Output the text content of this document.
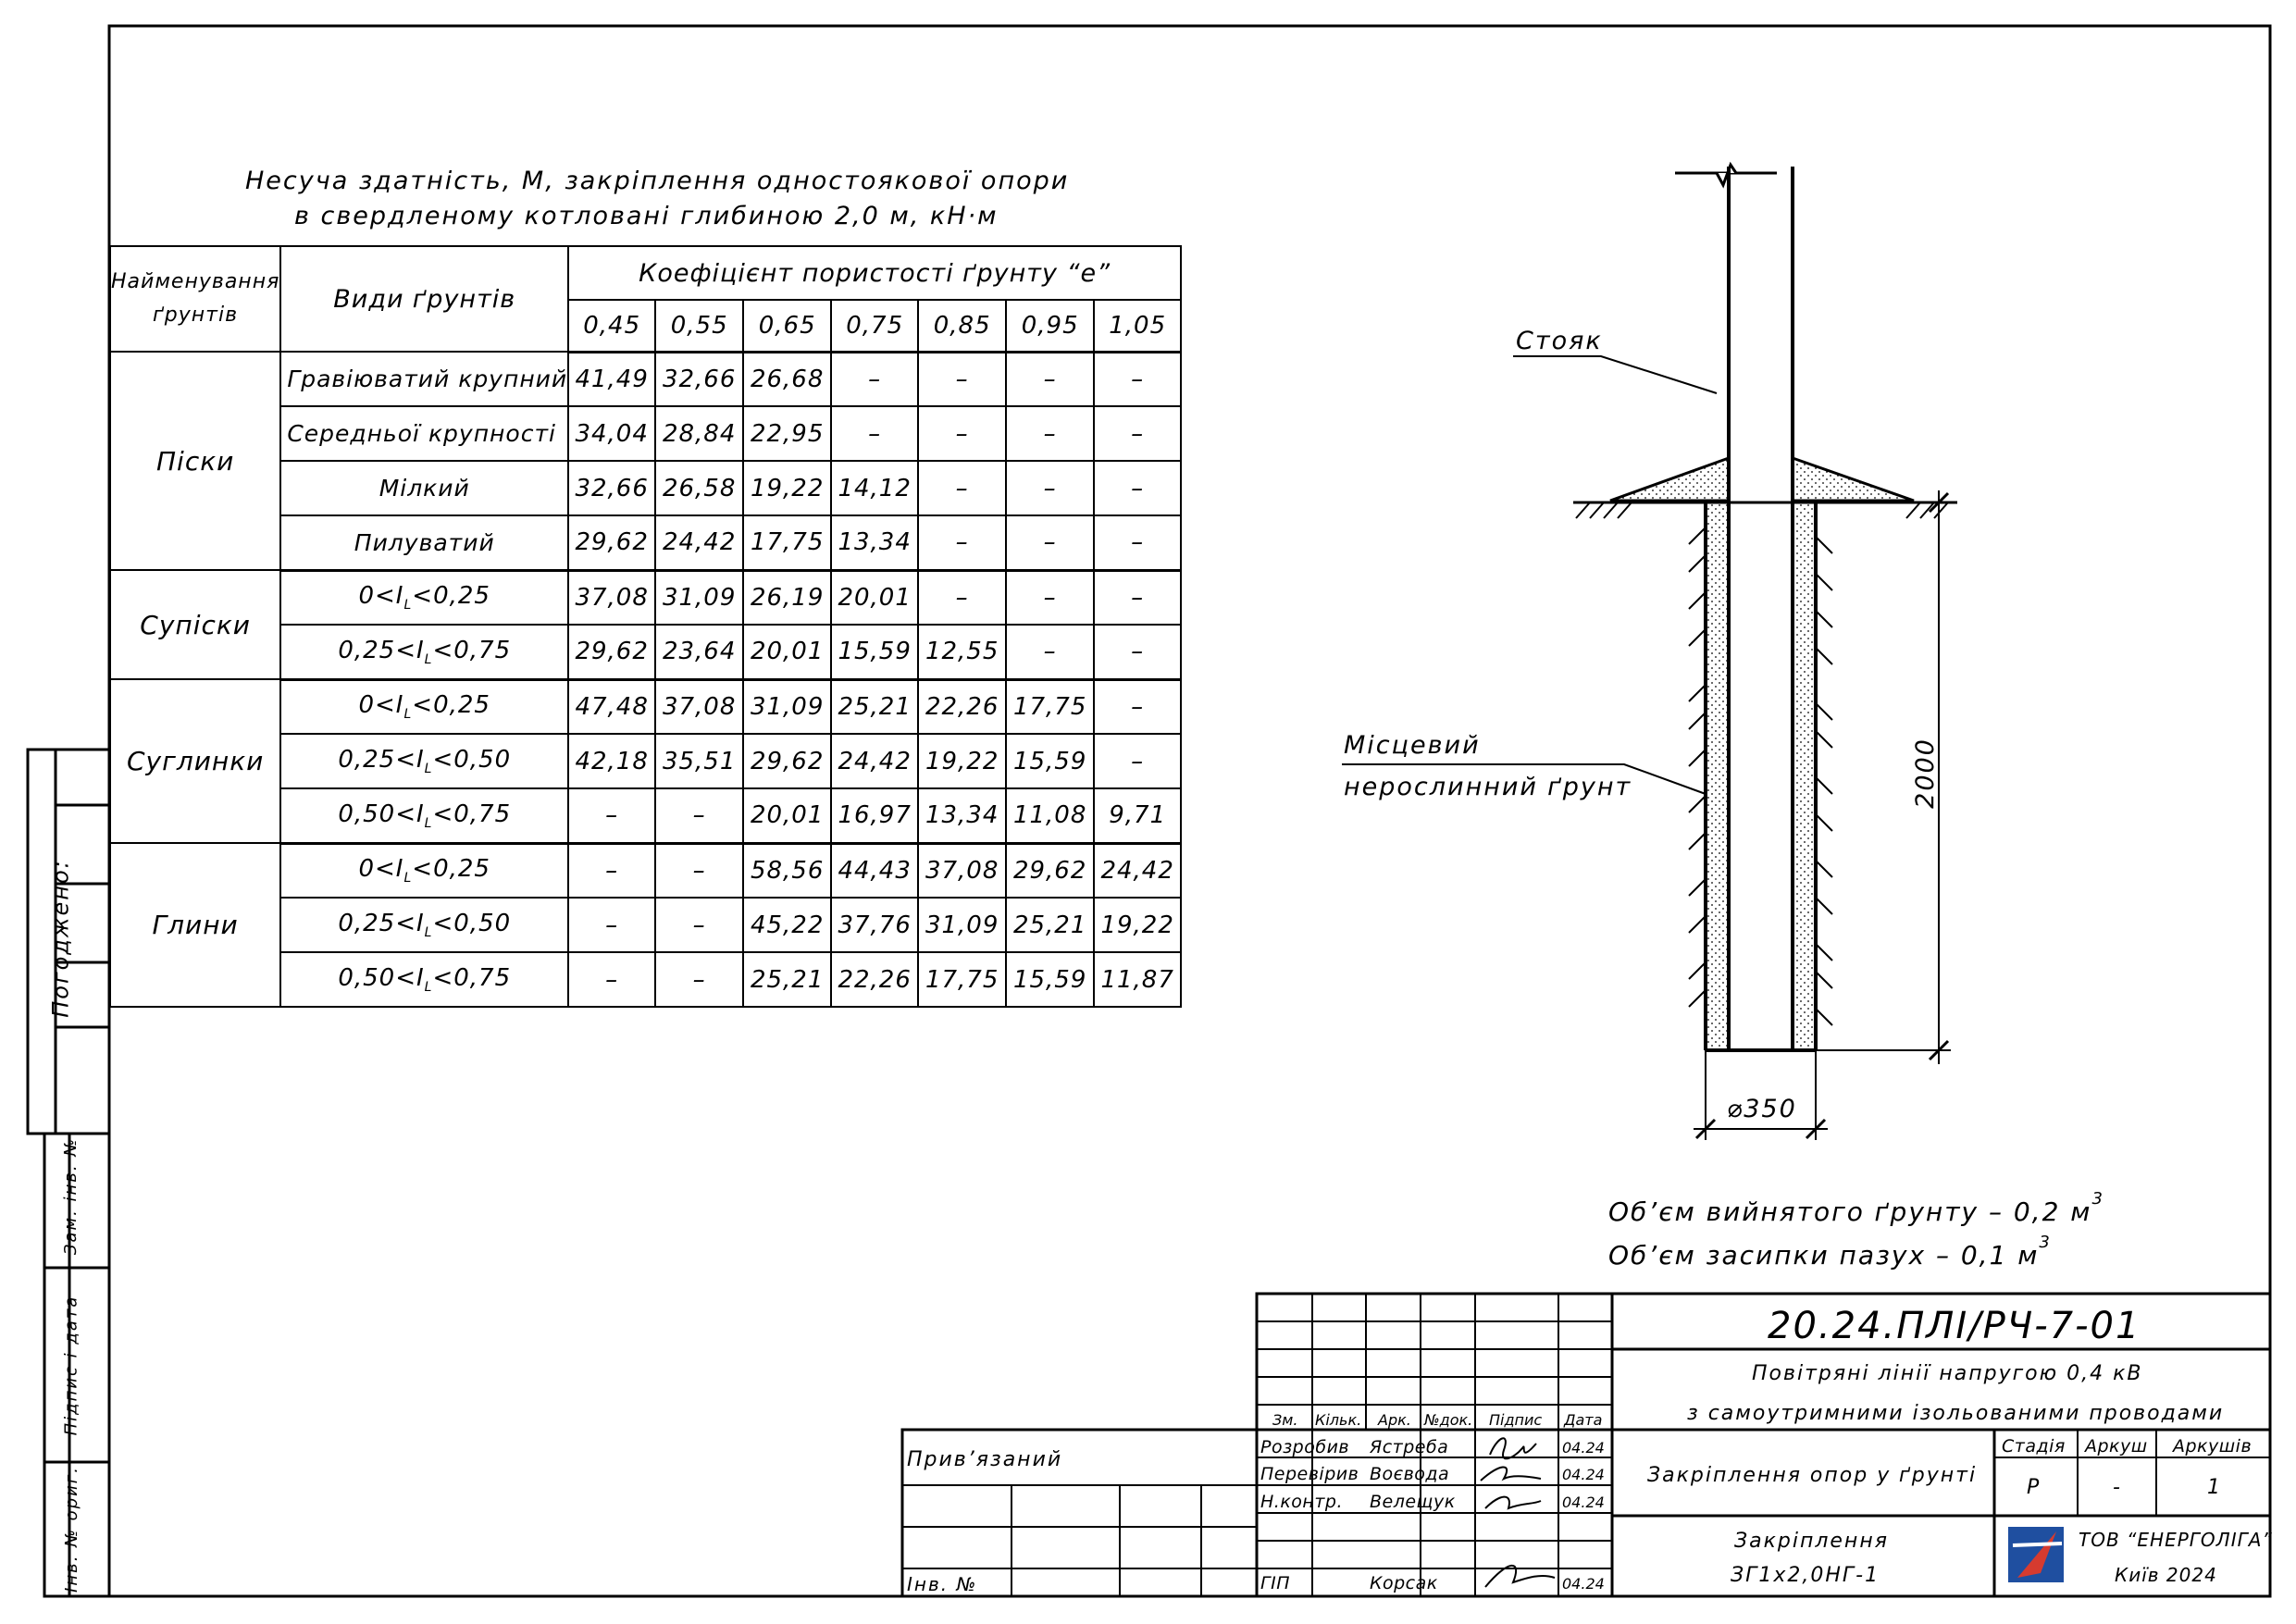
Несуча здатність, М, закріплення одностоякової опори
в свердленому котловані глибиною 2,0 м, кН·м
Найменування ґрунтів	Види ґрунтів	Коефіцієнт пористості ґрунту “е”						
		0,45	0,55	0,65	0,75	0,85	0,95	1,05
Піски	Гравіюватий крупний	41,49	32,66	26,68	–	–	–	–
	Середньої крупності	34,04	28,84	22,95	–	–	–	–
	Мілкий	32,66	26,58	19,22	14,12	–	–	–
	Пилуватий	29,62	24,42	17,75	13,34	–	–	–
Супіски	$0<I_L<0,25$	37,08	31,09	26,19	20,01	–	–	–
	$0,25<I_L<0,75$	29,62	23,64	20,01	15,59	12,55	–	–
Суглинки	$0<I_L<0,25$	47,48	37,08	31,09	25,21	22,26	17,75	–
	$0,25<I_L<0,50$	42,18	35,51	29,62	24,42	19,22	15,59	–
	$0,50<I_L<0,75$	–	–	20,01	16,97	13,34	11,08	9,71
Глини	$0<I_L<0,25$	–	–	58,56	44,43	37,08	29,62	24,42
	$0,25<I_L<0,50$	–	–	45,22	37,76	31,09	25,21	19,22
	$0,50<I_L<0,75$	–	–	25,21	22,26	17,75	15,59	11,87
Стояк
Місцевий
нерослинний ґрунт	2000
⌀350
Об’єм вийнятого ґрунту – 0,2 $м^3$
Об’єм засипки пазух – 0,1 $м^3$
Погоджено:
Зам. інв. №
Підпис і дата
Інв. № ориг.
20.24.ПЛІ/РЧ-7-01
Повітряні лінії напругою 0,4 кВ
з самоутримними ізольованими проводами
Закріплення опор у ґрунті
Закріплення
ЗГ1х2,0НГ-1
Зм. Кільк. Арк. №док. Підпис Дата
Розробив Ястреба	04.24
Перевірив Воєвода	04.24
Н.контр. Велещук	04.24
ГІП	Корсак	04.24
Стадія Аркуш Аркушів
Р	-	1
Прив’язаний
Інв. №
ТОВ “ЕНЕРГОЛІГА”
Київ 2024
